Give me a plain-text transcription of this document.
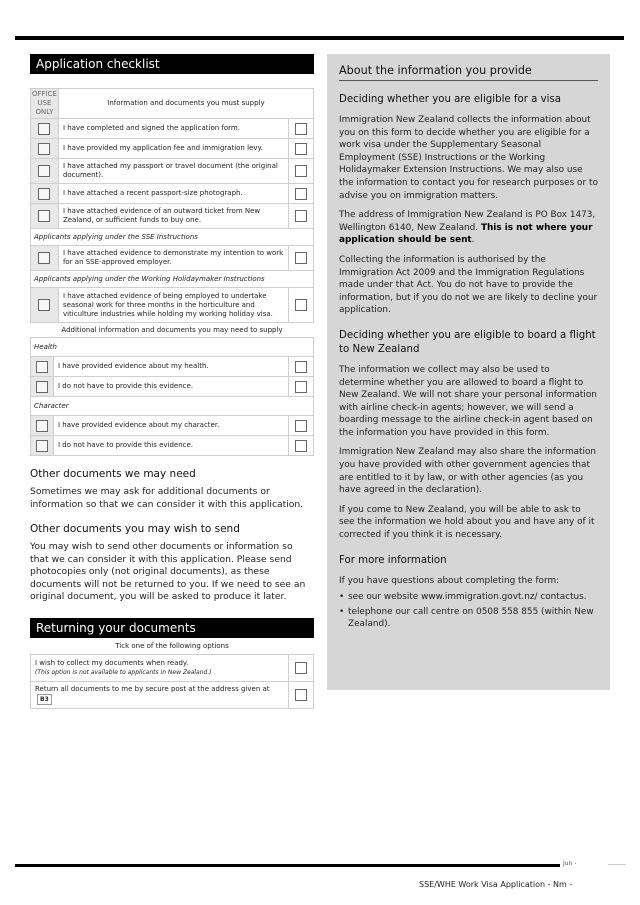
Application checklist
OFFICE USE ONLY	Information and documents you must supply	
	I have completed and signed the application form.	
	I have provided my application fee and immigration levy.	
	I have attached my passport or travel document (the original document).	
	I have attached a recent passport-size photograph.	
	I have attached evidence of an outward ticket from New Zealand, or sufficient funds to buy one.	
Applicants applying under the SSE Instructions		
	I have attached evidence to demonstrate my intention to work for an SSE-approved employer.	
Applicants applying under the Working Holidaymaker Instructions		
	I have attached evidence of being employed to undertake seasonal work for three months in the horticulture and viticulture industries while holding my working holiday visa.	
Additional information and documents you may need to supply
Health		
	I have provided evidence about my health.	
	I do not have to provide this evidence.	
Character		
	I have provided evidence about my character.	
	I do not have to provide this evidence.	
Other documents we may need
Sometimes we may ask for additional documents or information so that we can consider it with this application.
Other documents you may wish to send
You may wish to send other documents or information so that we can consider it with this application. Please send photocopies only (not original documents), as these documents will not be returned to you. If we need to see an original document, you will be asked to produce it later.
Returning your documents
Tick one of the following options
I wish to collect my documents when ready.
(This option is not available to applicants in New Zealand.)	

Return all documents to me by secure post at the address given atB3	
About the information you provide
Deciding whether you are eligible for a visa
Immigration New Zealand collects the information about you on this form to decide whether you are eligible for a work visa under the Supplementary Seasonal Employment (SSE) Instructions or the Working Holidaymaker Extension Instructions. We may also use the information to contact you for research purposes or to advise you on immigration matters.
The address of Immigration New Zealand is PO Box 1473, Wellington 6140, New Zealand. This is not where your application should be sent.
Collecting the information is authorised by the Immigration Act 2009 and the Immigration Regulations made under that Act. You do not have to provide the information, but if you do not we are likely to decline your application.
Deciding whether you are eligible to board a flight to New Zealand
The information we collect may also be used to determine whether you are allowed to board a flight to New Zealand. We will not share your personal information with airline check-in agents; however, we will send a boarding message to the airline check-in agent based on the information you have provided in this form.
Immigration New Zealand may also share the information you have provided with other government agencies that are entitled to it by law, or with other agencies (as you have agreed in the declaration).
If you come to New Zealand, you will be able to ask to see the information we hold about you and have any of it corrected if you think it is necessary.
For more information
If you have questions about completing the form:
• see our website www.immigration.govt.nz/ contactus.
• telephone our call centre on 0508 558 855 (within New Zealand).
Jun -
SSE/WHE Work Visa Application - Nm -
